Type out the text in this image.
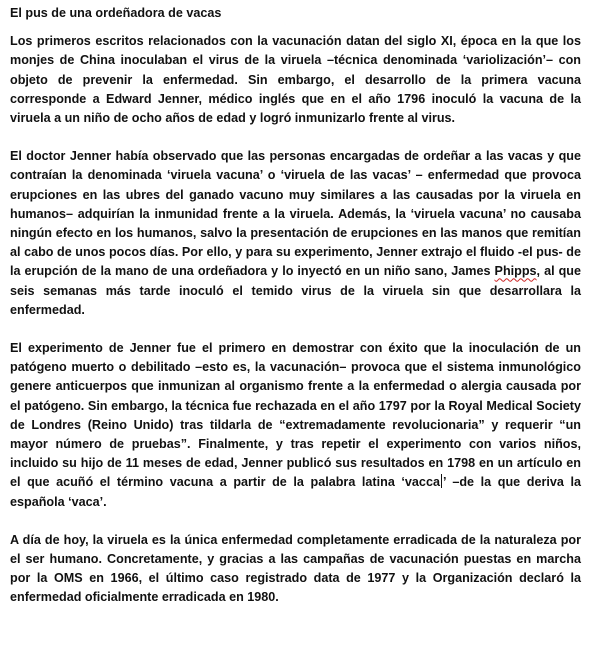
El pus de una ordeñadora de vacas

Los primeros escritos relacionados con la vacunación datan del siglo XI, época en la que los monjes de China inoculaban el virus de la viruela –técnica denominada ‘variolización’– con objeto de prevenir la enfermedad. Sin embargo, el desarrollo de la primera vacuna corresponde a Edward Jenner, médico inglés que en el año 1796 inoculó la vacuna de la viruela a un niño de ocho años de edad y logró inmunizarlo frente al virus.

El doctor Jenner había observado que las personas encargadas de ordeñar a las vacas y que contraían la denominada ‘viruela vacuna’ o ‘viruela de las vacas’ – enfermedad que provoca erupciones en las ubres del ganado vacuno muy similares a las causadas por la viruela en humanos– adquirían la inmunidad frente a la viruela. Además, la ‘viruela vacuna’ no causaba ningún efecto en los humanos, salvo la presentación de erupciones en las manos que remitían al cabo de unos pocos días. Por ello, y para su experimento, Jenner extrajo el fluido -el pus- de la erupción de la mano de una ordeñadora y lo inyectó en un niño sano, James Phipps, al que seis semanas más tarde inoculó el temido virus de la viruela sin que desarrollara la enfermedad.

El experimento de Jenner fue el primero en demostrar con éxito que la inoculación de un patógeno muerto o debilitado –esto es, la vacunación– provoca que el sistema inmunológico genere anticuerpos que inmunizan al organismo frente a la enfermedad o alergia causada por el patógeno. Sin embargo, la técnica fue rechazada en el año 1797 por la Royal Medical Society de Londres (Reino Unido) tras tildarla de “extremadamente revolucionaria” y requerir “un mayor número de pruebas”. Finalmente, y tras repetir el experimento con varios niños, incluido su hijo de 11 meses de edad, Jenner publicó sus resultados en 1798 en un artículo en el que acuñó el término vacuna a partir de la palabra latina ‘vacca ’ –de la que deriva la española ‘vaca’.

A día de hoy, la viruela es la única enfermedad completamente erradicada de la naturaleza por el ser humano. Concretamente, y gracias a las campañas de vacunación puestas en marcha por la OMS en 1966, el último caso registrado data de 1977 y la Organización declaró la enfermedad oficialmente erradicada en 1980.
